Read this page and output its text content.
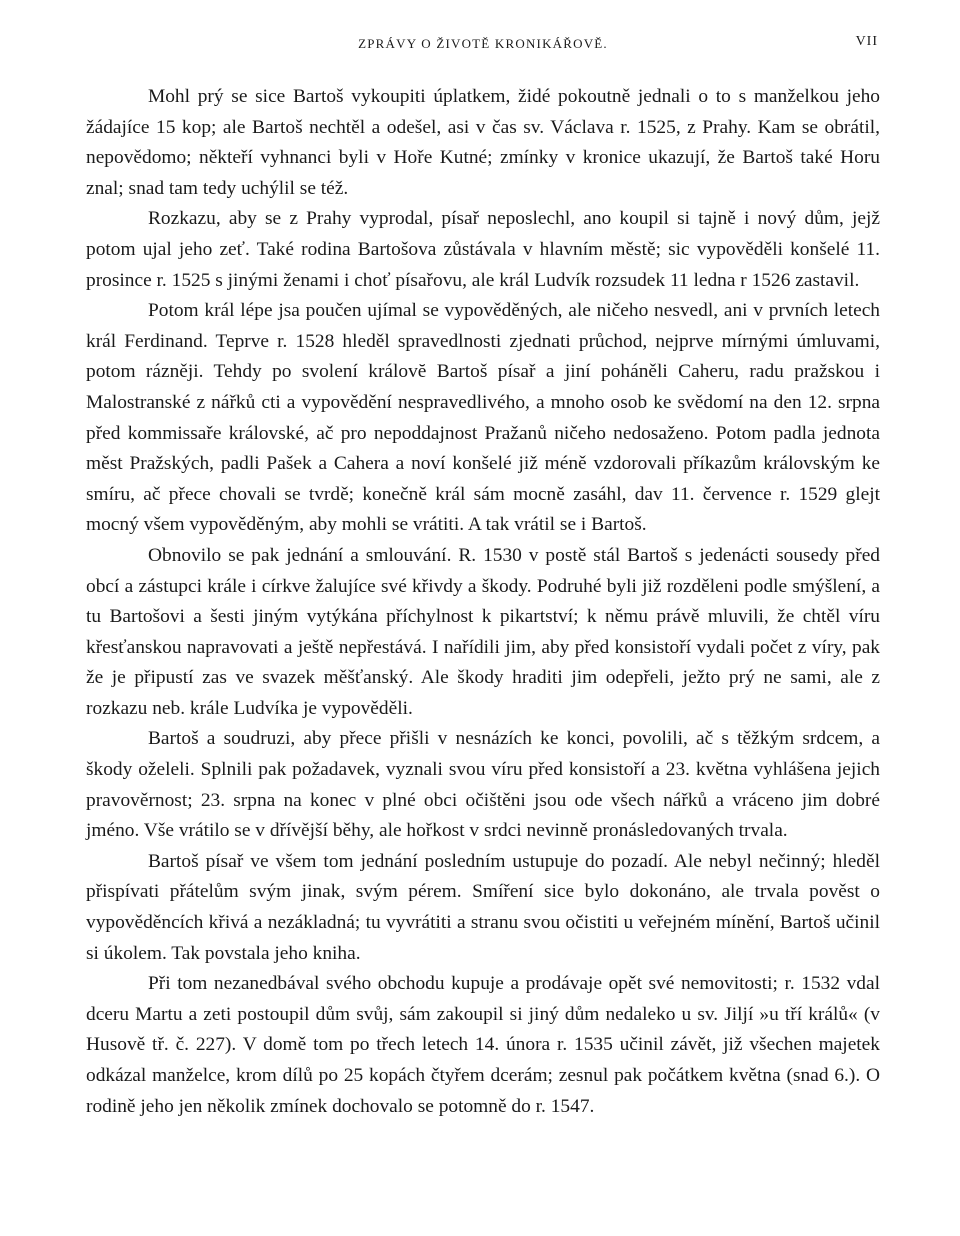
ZPRÁVY O ŽIVOTĚ KRONIKÁŘOVĚ.	VII

Mohl prý se sice Bartoš vykoupiti úplatkem, židé pokoutně jednali o to s manželkou jeho žádajíce 15 kop; ale Bartoš nechtěl a odešel, asi v čas sv. Václava r. 1525, z Prahy. Kam se obrátil, nepovědomo; někteří vyhnanci byli v Hoře Kutné; zmínky v kronice ukazují, že Bartoš také Horu znal; snad tam tedy uchýlil se též.

Rozkazu, aby se z Prahy vyprodal, písař neposlechl, ano koupil si tajně i nový dům, jejž potom ujal jeho zeť. Také rodina Bartošova zůstávala v hlavním městě; sic vypověděli konšelé 11. prosince r. 1525 s jinými ženami i choť písařovu, ale král Ludvík rozsudek 11 ledna r 1526 zastavil.

Potom král lépe jsa poučen ujímal se vypověděných, ale ničeho nesvedl, ani v prvních letech král Ferdinand. Teprve r. 1528 hleděl spravedlnosti zjednati průchod, nejprve mírnými úmluvami, potom rázněji. Tehdy po svolení královĕ Bartoš písař a jiní poháněli Caheru, radu pražskou i Malostranské z nářků cti a vypovědění nespravedlivého, a mnoho osob ke svědomí na den 12. srpna před kommissaře královské, ač pro nepoddajnost Pražanů ničeho nedosaženo. Potom padla jednota měst Pražských, padli Pašek a Cahera a noví konšelé již méně vzdorovali příkazům královským ke smíru, ač přece chovali se tvrdě; konečně král sám mocně zasáhl, dav 11. července r. 1529 glejt mocný všem vypověděným, aby mohli se vrátiti. A tak vrátil se i Bartoš.

Obnovilo se pak jednání a smlouvání. R. 1530 v postě stál Bartoš s jedenácti sousedy před obcí a zástupci krále i církve žalujíce své křivdy a škody. Podruhé byli již rozděleni podle smýšlení, a tu Bartošovi a šesti jiným vytýkána příchylnost k pikartství; k němu právě mluvili, že chtěl víru křesťanskou napravovati a ještě nepřestává. I nařídili jim, aby před konsistoří vydali počet z víry, pak že je připustí zas ve svazek měšťanský. Ale škody hraditi jim odepřeli, ježto prý ne sami, ale z rozkazu neb. krále Ludvíka je vypověděli.

Bartoš a soudruzi, aby přece přišli v nesnázích ke konci, povolili, ač s těžkým srdcem, a škody oželeli. Splnili pak požadavek, vyznali svou víru před konsistoří a 23. května vyhlášena jejich pravověrnost; 23. srpna na konec v plné obci očištěni jsou ode všech nářků a vráceno jim dobré jméno. Vše vrátilo se v dřívější běhy, ale hořkost v srdci nevinně pronásledovaných trvala.

Bartoš písař ve všem tom jednání posledním ustupuje do pozadí. Ale nebyl nečinný; hleděl přispívati přátelům svým jinak, svým pérem. Smíření sice bylo dokonáno, ale trvala pověst o vypověděncích křivá a nezákladná; tu vyvrátiti a stranu svou očistiti u veřejném mínění, Bartoš učinil si úkolem. Tak povstala jeho kniha.

Při tom nezanedbával svého obchodu kupuje a prodávaje opět své nemovitosti; r. 1532 vdal dceru Martu a zeti postoupil dům svůj, sám zakoupil si jiný dům nedaleko u sv. Jiljí »u tří králů« (v Husově tř. č. 227). V domě tom po třech letech 14. února r. 1535 učinil závět, již všechen majetek odkázal manželce, krom dílů po 25 kopách čtyřem dcerám; zesnul pak počátkem května (snad 6.). O rodině jeho jen několik zmínek dochovalo se potomně do r. 1547.
